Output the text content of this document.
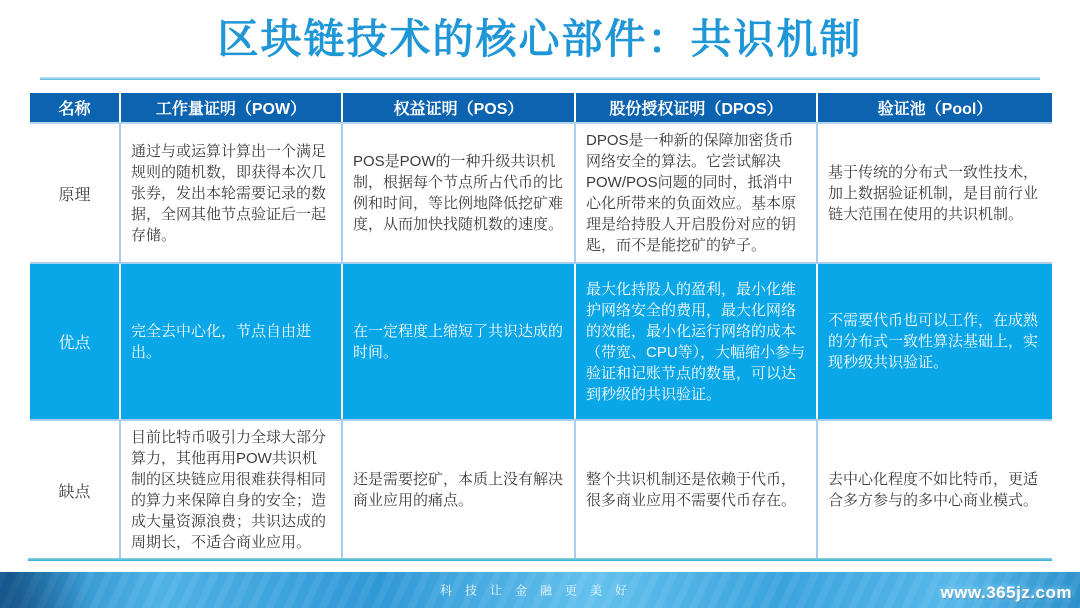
区块链技术的核心部件：共识机制
名称	工作量证明（POW）	权益证明（POS）	股份授权证明（DPOS）	验证池（Pool）
原理	通过与或运算计算出一个满足规则的随机数，即获得本次几张券，发出本轮需要记录的数据，全网其他节点验证后一起存储。	POS是POW的一种升级共识机制，根据每个节点所占代币的比例和时间，等比例地降低挖矿难度，从而加快找随机数的速度。	DPOS是一种新的保障加密货币网络安全的算法。它尝试解决POW/POS问题的同时，抵消中心化所带来的负面效应。基本原理是给持股人开启股份对应的钥匙，而不是能挖矿的铲子。	基于传统的分布式一致性技术，加上数据验证机制，是目前行业链大范围在使用的共识机制。
优点	完全去中心化，节点自由进出。	在一定程度上缩短了共识达成的时间。	最大化持股人的盈利，最小化维护网络安全的费用，最大化网络的效能，最小化运行网络的成本（带宽、CPU等），大幅缩小参与验证和记账节点的数量，可以达到秒级的共识验证。	不需要代币也可以工作，在成熟的分布式一致性算法基础上，实现秒级共识验证。
缺点	目前比特币吸引力全球大部分算力，其他再用POW共识机制的区块链应用很难获得相同的算力来保障自身的安全；造成大量资源浪费；共识达成的周期长，不适合商业应用。	还是需要挖矿，本质上没有解决商业应用的痛点。	整个共识机制还是依赖于代币，很多商业应用不需要代币存在。	去中心化程度不如比特币，更适合多方参与的多中心商业模式。
科技让金融更美好	www.365jz.com
